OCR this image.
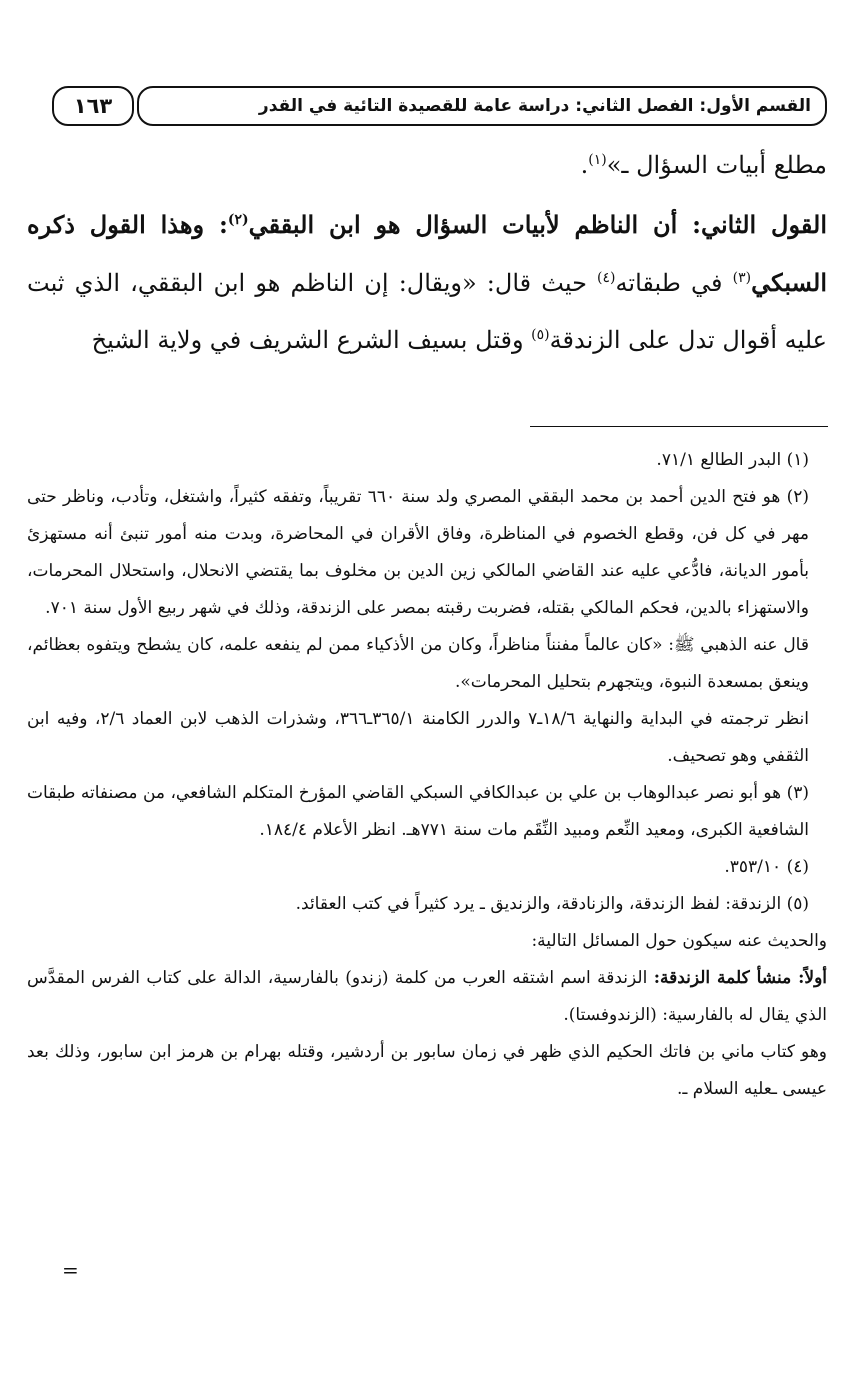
القسم الأول: الفصل الثاني: دراسة عامة للقصيدة التائية في القدر
١٦٣
مطلع أبيات السؤال ـ»$^{(١)}$.
القول الثاني: أن الناظم لأبيات السؤال هو ابن البققي$^{(٢)}$: وهذا القول ذكره السبكي$^{(٣)}$ في طبقاته$^{(٤)}$ حيث قال: «ويقال: إن الناظم هو ابن البققي، الذي ثبت عليه أقوال تدل على الزندقة$^{(٥)}$ وقتل بسيف الشرع الشريف في ولاية الشيخ

(١) البدر الطالع ٧١/١.

(٢) هو فتح الدين أحمد بن محمد البققي المصري ولد سنة ٦٦٠ تقريباً، وتفقه كثيراً، واشتغل، وتأدب، وناظر حتى مهر في كل فن، وقطع الخصوم في المناظرة، وفاق الأقران في المحاضرة، وبدت منه أمور تنبئ أنه مستهزئ بأمور الديانة، فادُّعي عليه عند القاضي المالكي زين الدين بن مخلوف بما يقتضي الانحلال، واستحلال المحرمات، والاستهزاء بالدين، فحكم المالكي بقتله، فضربت رقبته بمصر على الزندقة، وذلك في شهر ربيع الأول سنة ٧٠١.

قال عنه الذهبي ﷺ: «كان عالماً مفنناً مناظراً، وكان من الأذكياء ممن لم ينفعه علمه، كان يشطح ويتفوه بعظائم، وينعق بمسعدة النبوة، ويتجهرم بتحليل المحرمات».

انظر ترجمته في البداية والنهاية ١٨/٦ـ٧ والدرر الكامنة ٣٦٥/١ـ٣٦٦، وشذرات الذهب لابن العماد ٢/٦، وفيه ابن الثقفي وهو تصحيف.

(٣) هو أبو نصر عبدالوهاب بن علي بن عبدالكافي السبكي القاضي المؤرخ المتكلم الشافعي، من مصنفاته طبقات الشافعية الكبرى، ومعيد النِّعم ومبيد النِّقَم مات سنة ٧٧١هـ. انظر الأعلام ١٨٤/٤.

(٤) ٣٥٣/١٠.

(٥) الزندقة: لفظ الزندقة، والزنادقة، والزنديق ـ يرد كثيراً في كتب العقائد.

والحديث عنه سيكون حول المسائل التالية:

أولاً: منشأ كلمة الزندقة: الزندقة اسم اشتقه العرب من كلمة (زندو) بالفارسية، الدالة على كتاب الفرس المقدَّس الذي يقال له بالفارسية: (الزندوفستا).

وهو كتاب ماني بن فاتك الحكيم الذي ظهر في زمان سابور بن أردشير، وقتله بهرام بن هرمز ابن سابور، وذلك بعد عيسى ـعليه السلام ـ.

=
